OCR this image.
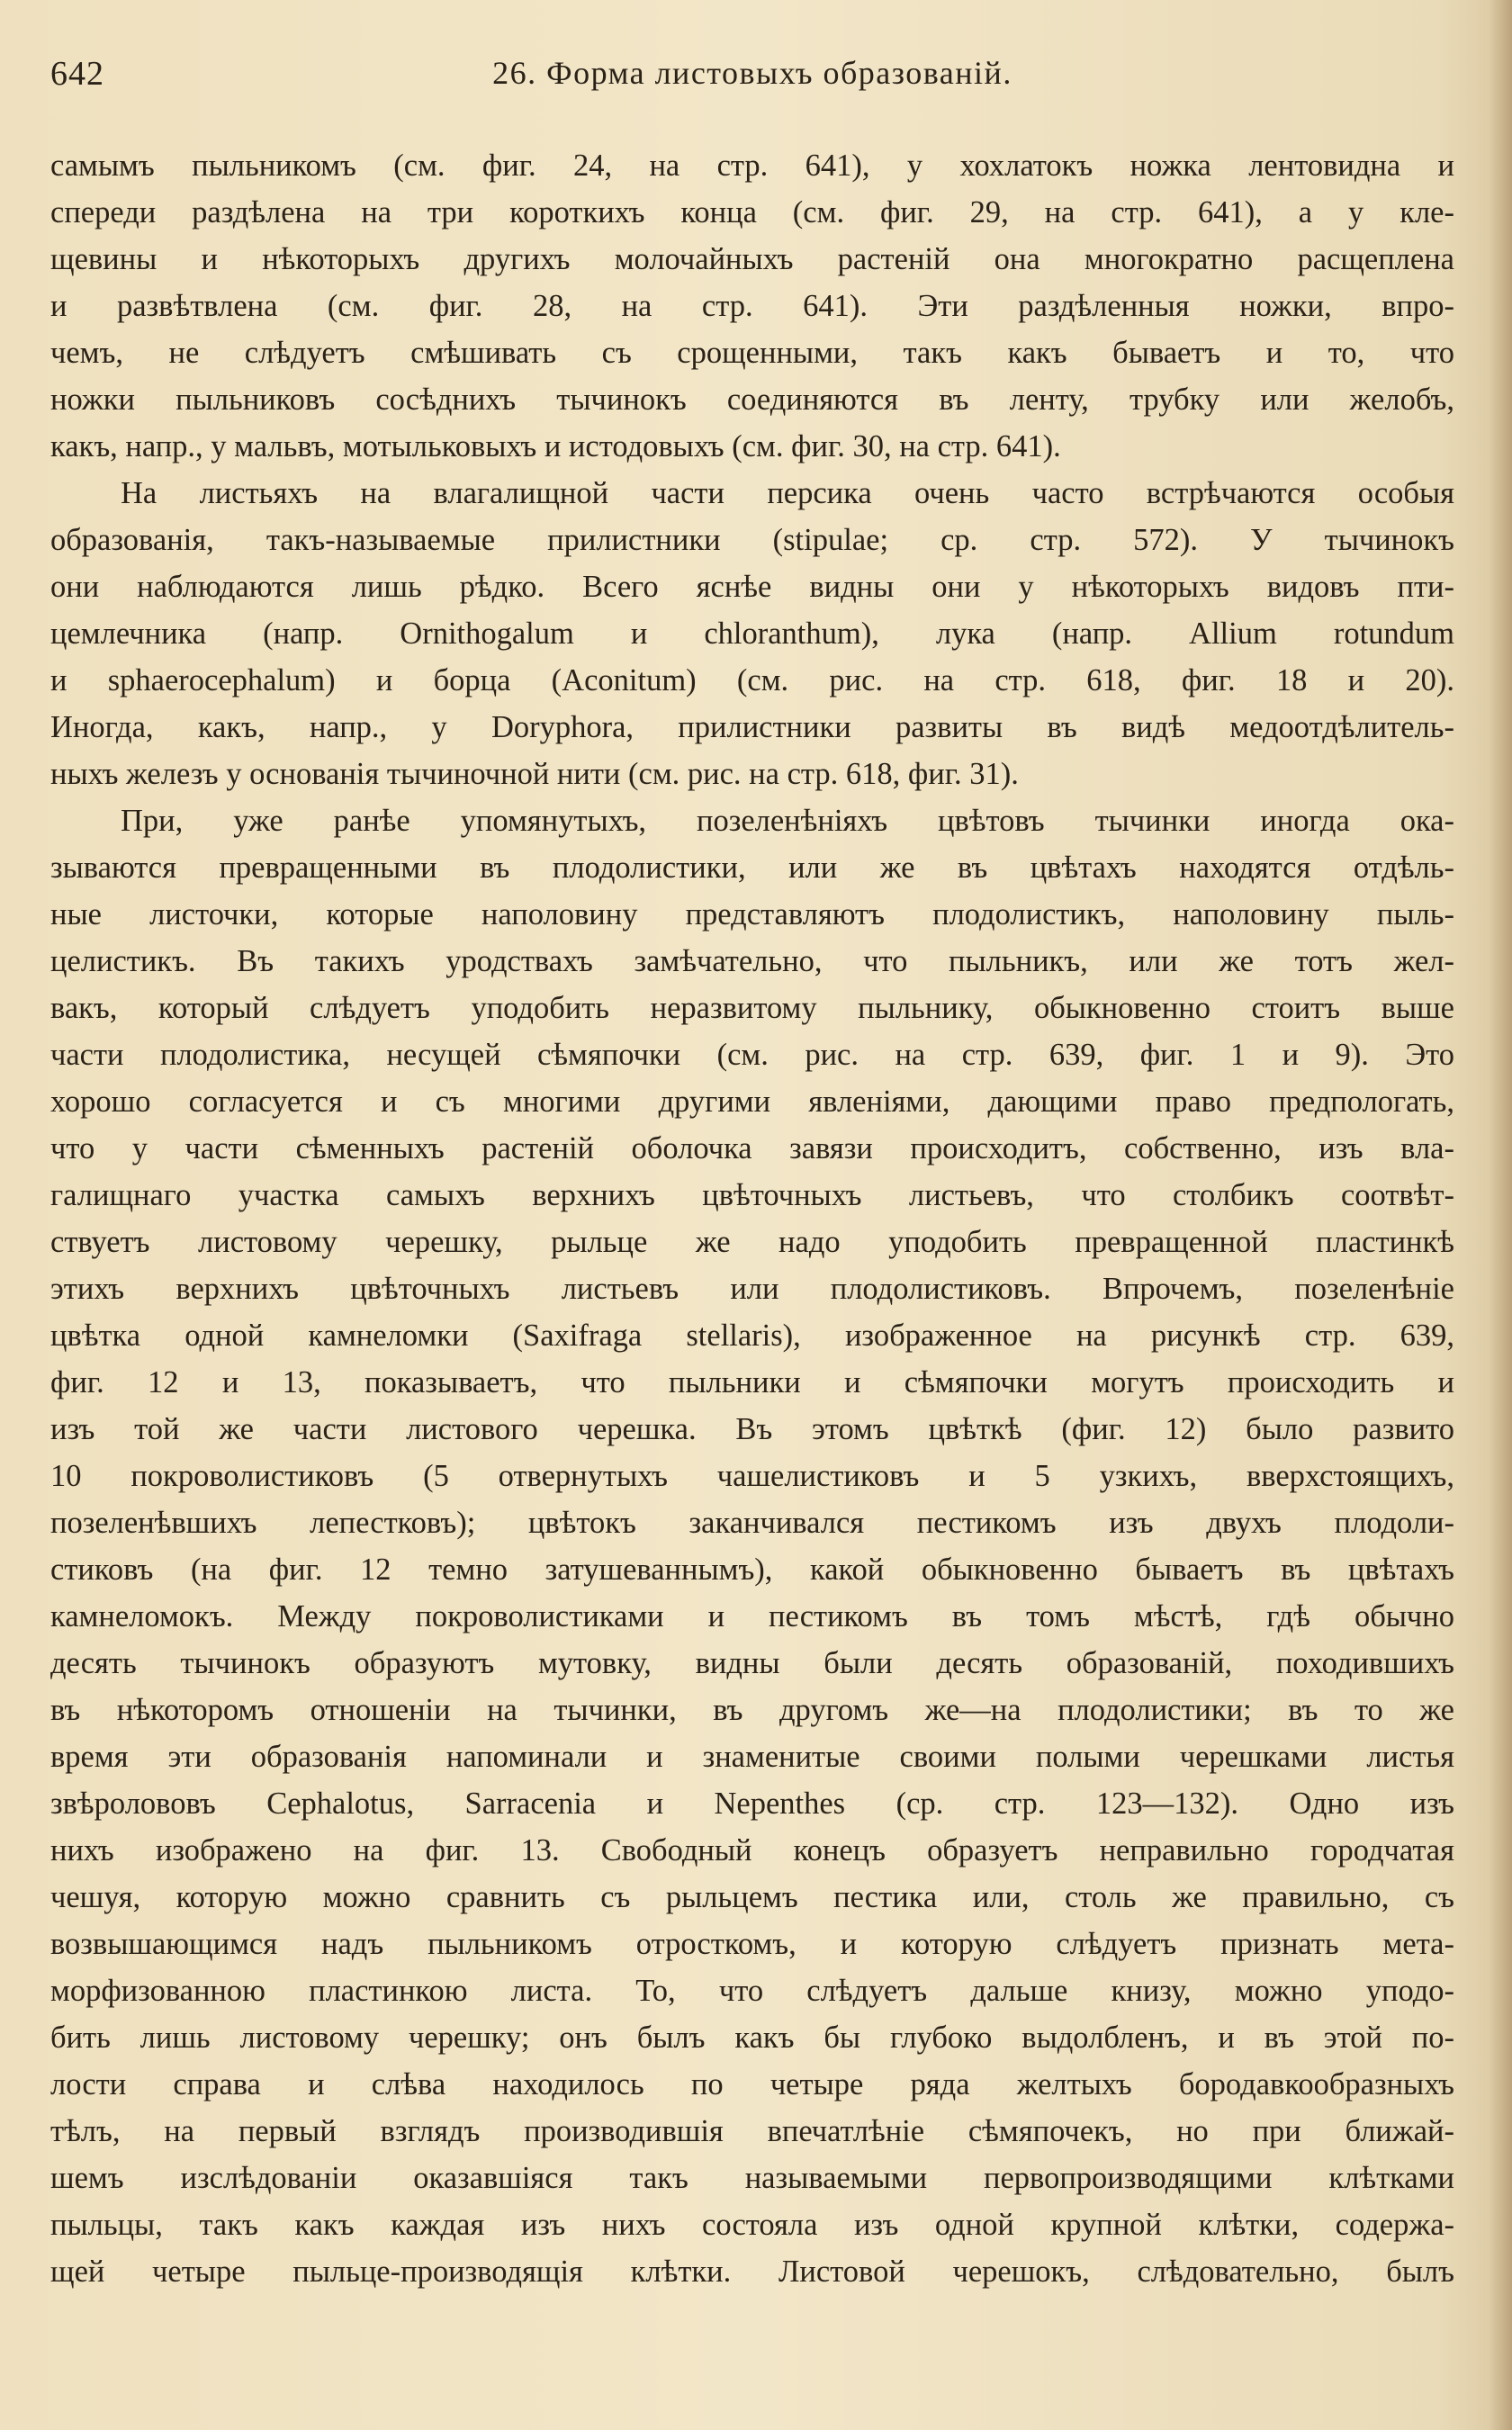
642	26. Форма листовыхъ образованій.
самымъ пыльникомъ (см. фиг. 24, на стр. 641), у хохлатокъ ножка лентовидна и
спереди раздѣлена на три короткихъ конца (см. фиг. 29, на стр. 641), а у кле-
щевины и нѣкоторыхъ другихъ молочайныхъ растеній она многократно расщеплена
и развѣтвлена (см. фиг. 28, на стр. 641). Эти раздѣленныя ножки, впро-
чемъ, не слѣдуетъ смѣшивать съ срощенными, такъ какъ бываетъ и то, что
ножки пыльниковъ сосѣднихъ тычинокъ соединяются въ ленту, трубку или желобъ,
какъ, напр., у мальвъ, мотыльковыхъ и истодовыхъ (см. фиг. 30, на стр. 641).
На листьяхъ на влагалищной части персика очень часто встрѣчаются особыя
образованія, такъ-называемые прилистники (stipulae; ср. стр. 572). У тычинокъ
они наблюдаются лишь рѣдко. Всего яснѣе видны они у нѣкоторыхъ видовъ пти-
цемлечника (напр. Ornithogalum и chloranthum), лука (напр. Allium rotundum
и sphaerocephalum) и борца (Aconitum) (см. рис. на стр. 618, фиг. 18 и 20).
Иногда, какъ, напр., у Doryphora, прилистники развиты въ видѣ медоотдѣлитель-
ныхъ железъ у основанія тычиночной нити (см. рис. на стр. 618, фиг. 31).
При, уже ранѣе упомянутыхъ, позеленѣніяхъ цвѣтовъ тычинки иногда ока-
зываются превращенными въ плодолистики, или же въ цвѣтахъ находятся отдѣль-
ные листочки, которые наполовину представляютъ плодолистикъ, наполовину пыль-
целистикъ. Въ такихъ уродствахъ замѣчательно, что пыльникъ, или же тотъ жел-
вакъ, который слѣдуетъ уподобить неразвитому пыльнику, обыкновенно стоитъ выше
части плодолистика, несущей сѣмяпочки (см. рис. на стр. 639, фиг. 1 и 9). Это
хорошо согласуется и съ многими другими явленіями, дающими право предпологать,
что у части сѣменныхъ растеній оболочка завязи происходитъ, собственно, изъ вла-
галищнаго участка самыхъ верхнихъ цвѣточныхъ листьевъ, что столбикъ соотвѣт-
ствуетъ листовому черешку, рыльце же надо уподобить превращенной пластинкѣ
этихъ верхнихъ цвѣточныхъ листьевъ или плодолистиковъ. Впрочемъ, позеленѣніе
цвѣтка одной камнеломки (Saxifraga stellaris), изображенное на рисункѣ стр. 639,
фиг. 12 и 13, показываетъ, что пыльники и сѣмяпочки могутъ происходить и
изъ той же части листового черешка. Въ этомъ цвѣткѣ (фиг. 12) было развито
10 покроволистиковъ (5 отвернутыхъ чашелистиковъ и 5 узкихъ, вверхстоящихъ,
позеленѣвшихъ лепестковъ); цвѣтокъ заканчивался пестикомъ изъ двухъ плодоли-
стиковъ (на фиг. 12 темно затушеваннымъ), какой обыкновенно бываетъ въ цвѣтахъ
камнеломокъ. Между покроволистиками и пестикомъ въ томъ мѣстѣ, гдѣ обычно
десять тычинокъ образуютъ мутовку, видны были десять образованій, походившихъ
въ нѣкоторомъ отношеніи на тычинки, въ другомъ же—на плодолистики; въ то же
время эти образованія напоминали и знаменитые своими полыми черешками листья
звѣролововъ Cephalotus, Sarracenia и Nepenthes (ср. стр. 123—132). Одно изъ
нихъ изображено на фиг. 13. Свободный конецъ образуетъ неправильно городчатая
чешуя, которую можно сравнить съ рыльцемъ пестика или, столь же правильно, съ
возвышающимся надъ пыльникомъ отросткомъ, и которую слѣдуетъ признать мета-
морфизованною пластинкою листа. То, что слѣдуетъ дальше книзу, можно уподо-
бить лишь листовому черешку; онъ былъ какъ бы глубоко выдолбленъ, и въ этой по-
лости справа и слѣва находилось по четыре ряда желтыхъ бородавкообразныхъ
тѣлъ, на первый взглядъ производившія впечатлѣніе сѣмяпочекъ, но при ближай-
шемъ изслѣдованіи оказавшіяся такъ называемыми первопроизводящими клѣтками
пыльцы, такъ какъ каждая изъ нихъ состояла изъ одной крупной клѣтки, содержа-
щей четыре пыльце-производящія клѣтки. Листовой черешокъ, слѣдовательно, былъ
